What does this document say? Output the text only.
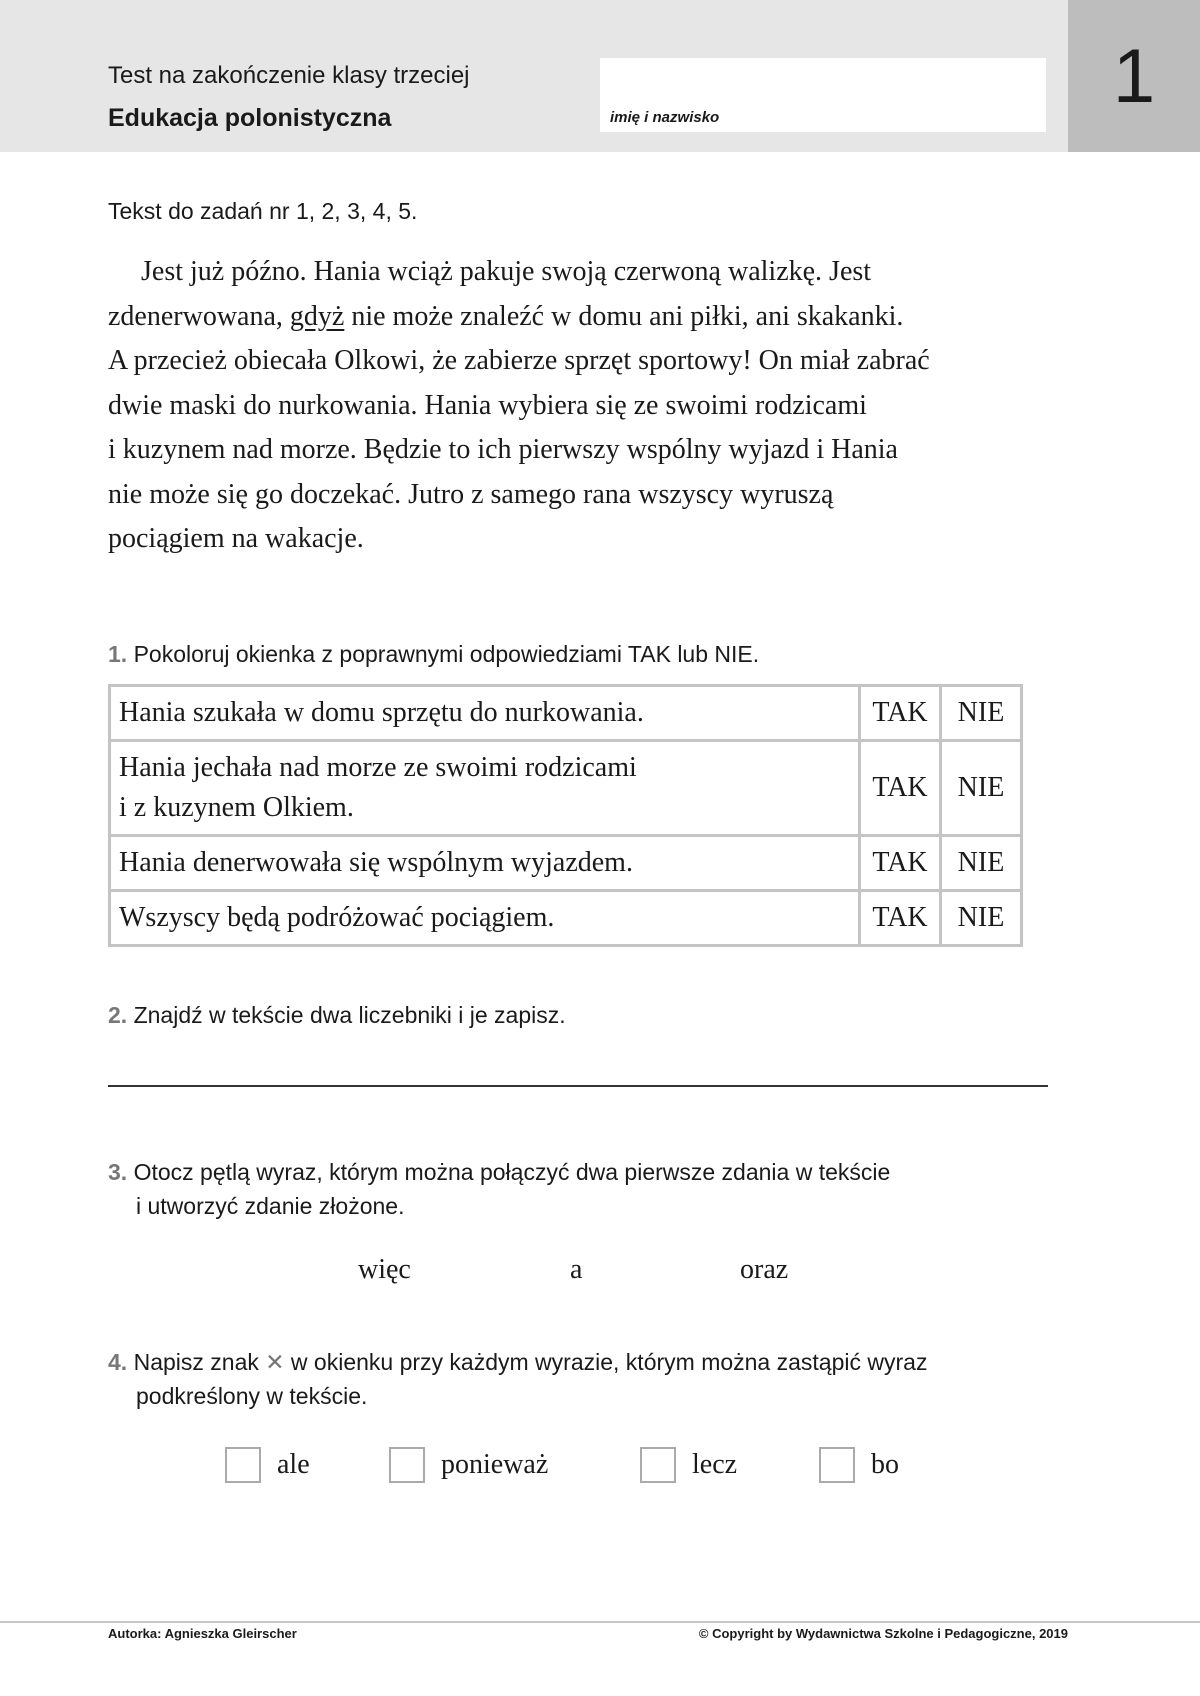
1
Test na zakończenie klasy trzeciej
Edukacja polonistyczna	imię i nazwisko
Tekst do zadań nr 1, 2, 3, 4, 5.
Jest już późno. Hania wciąż pakuje swoją czerwoną walizkę. Jest
zdenerwowana, gdyż nie może znaleźć w domu ani piłki, ani skakanki.
A przecież obiecała Olkowi, że zabierze sprzęt sportowy! On miał zabrać
dwie maski do nurkowania. Hania wybiera się ze swoimi rodzicami
i kuzynem nad morze. Będzie to ich pierwszy wspólny wyjazd i Hania
nie może się go doczekać. Jutro z samego rana wszyscy wyruszą
pociągiem na wakacje.
1. Pokoloruj okienka z poprawnymi odpowiedziami TAK lub NIE.
Hania szukała w domu sprzętu do nurkowania.	TAK	NIE
Hania jechała nad morze ze swoimi rodzicami
i z kuzynem Olkiem.	TAK	NIE
Hania denerwowała się wspólnym wyjazdem.	TAK	NIE
Wszyscy będą podróżować pociągiem.	TAK	NIE
2. Znajdź w tekście dwa liczebniki i je zapisz.
3. Otocz pętlą wyraz, którym można połączyć dwa pierwsze zdania w tekście
i utworzyć zdanie złożone.
więc	a	oraz
4. Napisz znak ✕ w okienku przy każdym wyrazie, którym można zastąpić wyraz
podkreślony w tekście.
ale	ponieważ	lecz	bo
Autorka: Agnieszka Gleirscher	© Copyright by Wydawnictwa Szkolne i Pedagogiczne, 2019
